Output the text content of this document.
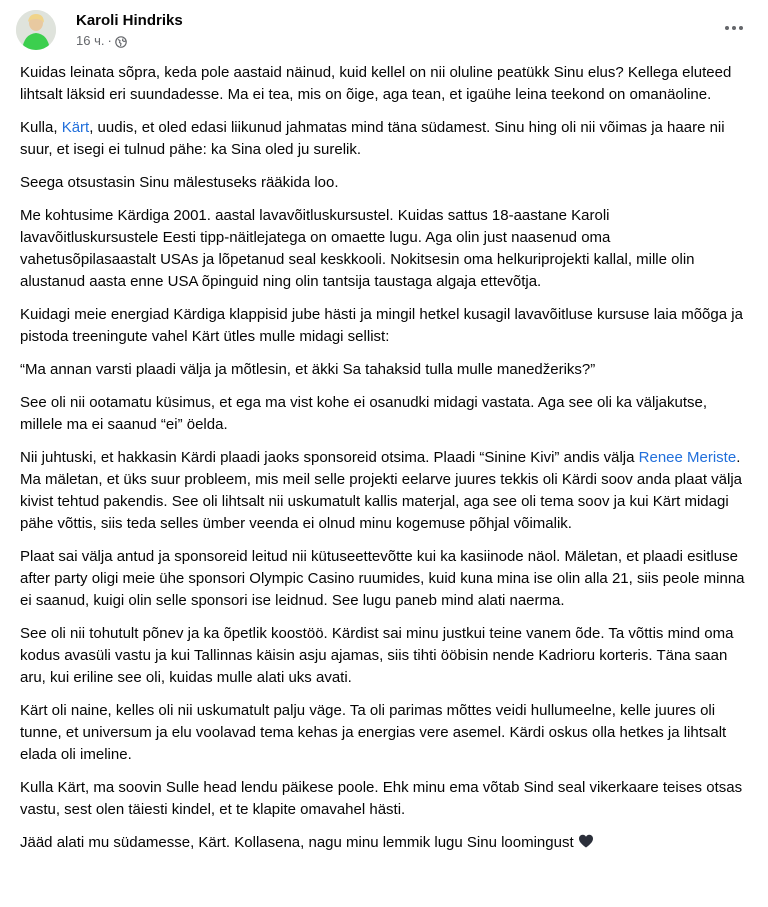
Karoli Hindriks
16 ч. ·

Kuidas leinata sõpra, keda pole aastaid näinud, kuid kellel on nii oluline peatükk Sinu elus? Kellega eluteed lihtsalt läksid eri suundadesse. Ma ei tea, mis on õige, aga tean, et igaühe leina teekond on omanäoline.

Kulla, Kärt, uudis, et oled edasi liikunud jahmatas mind täna südamest. Sinu hing oli nii võimas ja haare nii suur, et isegi ei tulnud pähe: ka Sina oled ju surelik.

Seega otsustasin Sinu mälestuseks rääkida loo.

Me kohtusime Kärdiga 2001. aastal lavavõitluskursustel. Kuidas sattus 18-aastane Karoli lavavõitluskursustele Eesti tipp-näitlejatega on omaette lugu. Aga olin just naasenud oma vahetusõpilasaastalt USAs ja lõpetanud seal keskkooli. Nokitsesin oma helkuriprojekti kallal, mille olin alustanud aasta enne USA õpinguid ning olin tantsija taustaga algaja ettevõtja.

Kuidagi meie energiad Kärdiga klappisid jube hästi ja mingil hetkel kusagil lavavõitluse kursuse laia mõõga ja pistoda treeningute vahel Kärt ütles mulle midagi sellist:

“Ma annan varsti plaadi välja ja mõtlesin, et äkki Sa tahaksid tulla mulle manedžeriks?”

See oli nii ootamatu küsimus, et ega ma vist kohe ei osanudki midagi vastata. Aga see oli ka väljakutse, millele ma ei saanud “ei” öelda.

Nii juhtuski, et hakkasin Kärdi plaadi jaoks sponsoreid otsima. Plaadi “Sinine Kivi” andis välja Renee Meriste. Ma mäletan, et üks suur probleem, mis meil selle projekti eelarve juures tekkis oli Kärdi soov anda plaat välja kivist tehtud pakendis. See oli lihtsalt nii uskumatult kallis materjal, aga see oli tema soov ja kui Kärt midagi pähe võttis, siis teda selles ümber veenda ei olnud minu kogemuse põhjal võimalik.

Plaat sai välja antud ja sponsoreid leitud nii kütuseettevõtte kui ka kasiinode näol. Mäletan, et plaadi esitluse after party oligi meie ühe sponsori Olympic Casino ruumides, kuid kuna mina ise olin alla 21, siis peole minna ei saanud, kuigi olin selle sponsori ise leidnud. See lugu paneb mind alati naerma.

See oli nii tohutult põnev ja ka õpetlik koostöö. Kärdist sai minu justkui teine vanem õde. Ta võttis mind oma kodus avasüli vastu ja kui Tallinnas käisin asju ajamas, siis tihti ööbisin nende Kadrioru korteris. Täna saan aru, kui eriline see oli, kuidas mulle alati uks avati.

Kärt oli naine, kelles oli nii uskumatult palju väge. Ta oli parimas mõttes veidi hullumeelne, kelle juures oli tunne, et universum ja elu voolavad tema kehas ja energias vere asemel. Kärdi oskus olla hetkes ja lihtsalt elada oli imeline.

Kulla Kärt, ma soovin Sulle head lendu päikese poole. Ehk minu ema võtab Sind seal vikerkaare teises otsas vastu, sest olen täiesti kindel, et te klapite omavahel hästi.

Jääd alati mu südamesse, Kärt. Kollasena, nagu minu lemmik lugu Sinu loomingust
